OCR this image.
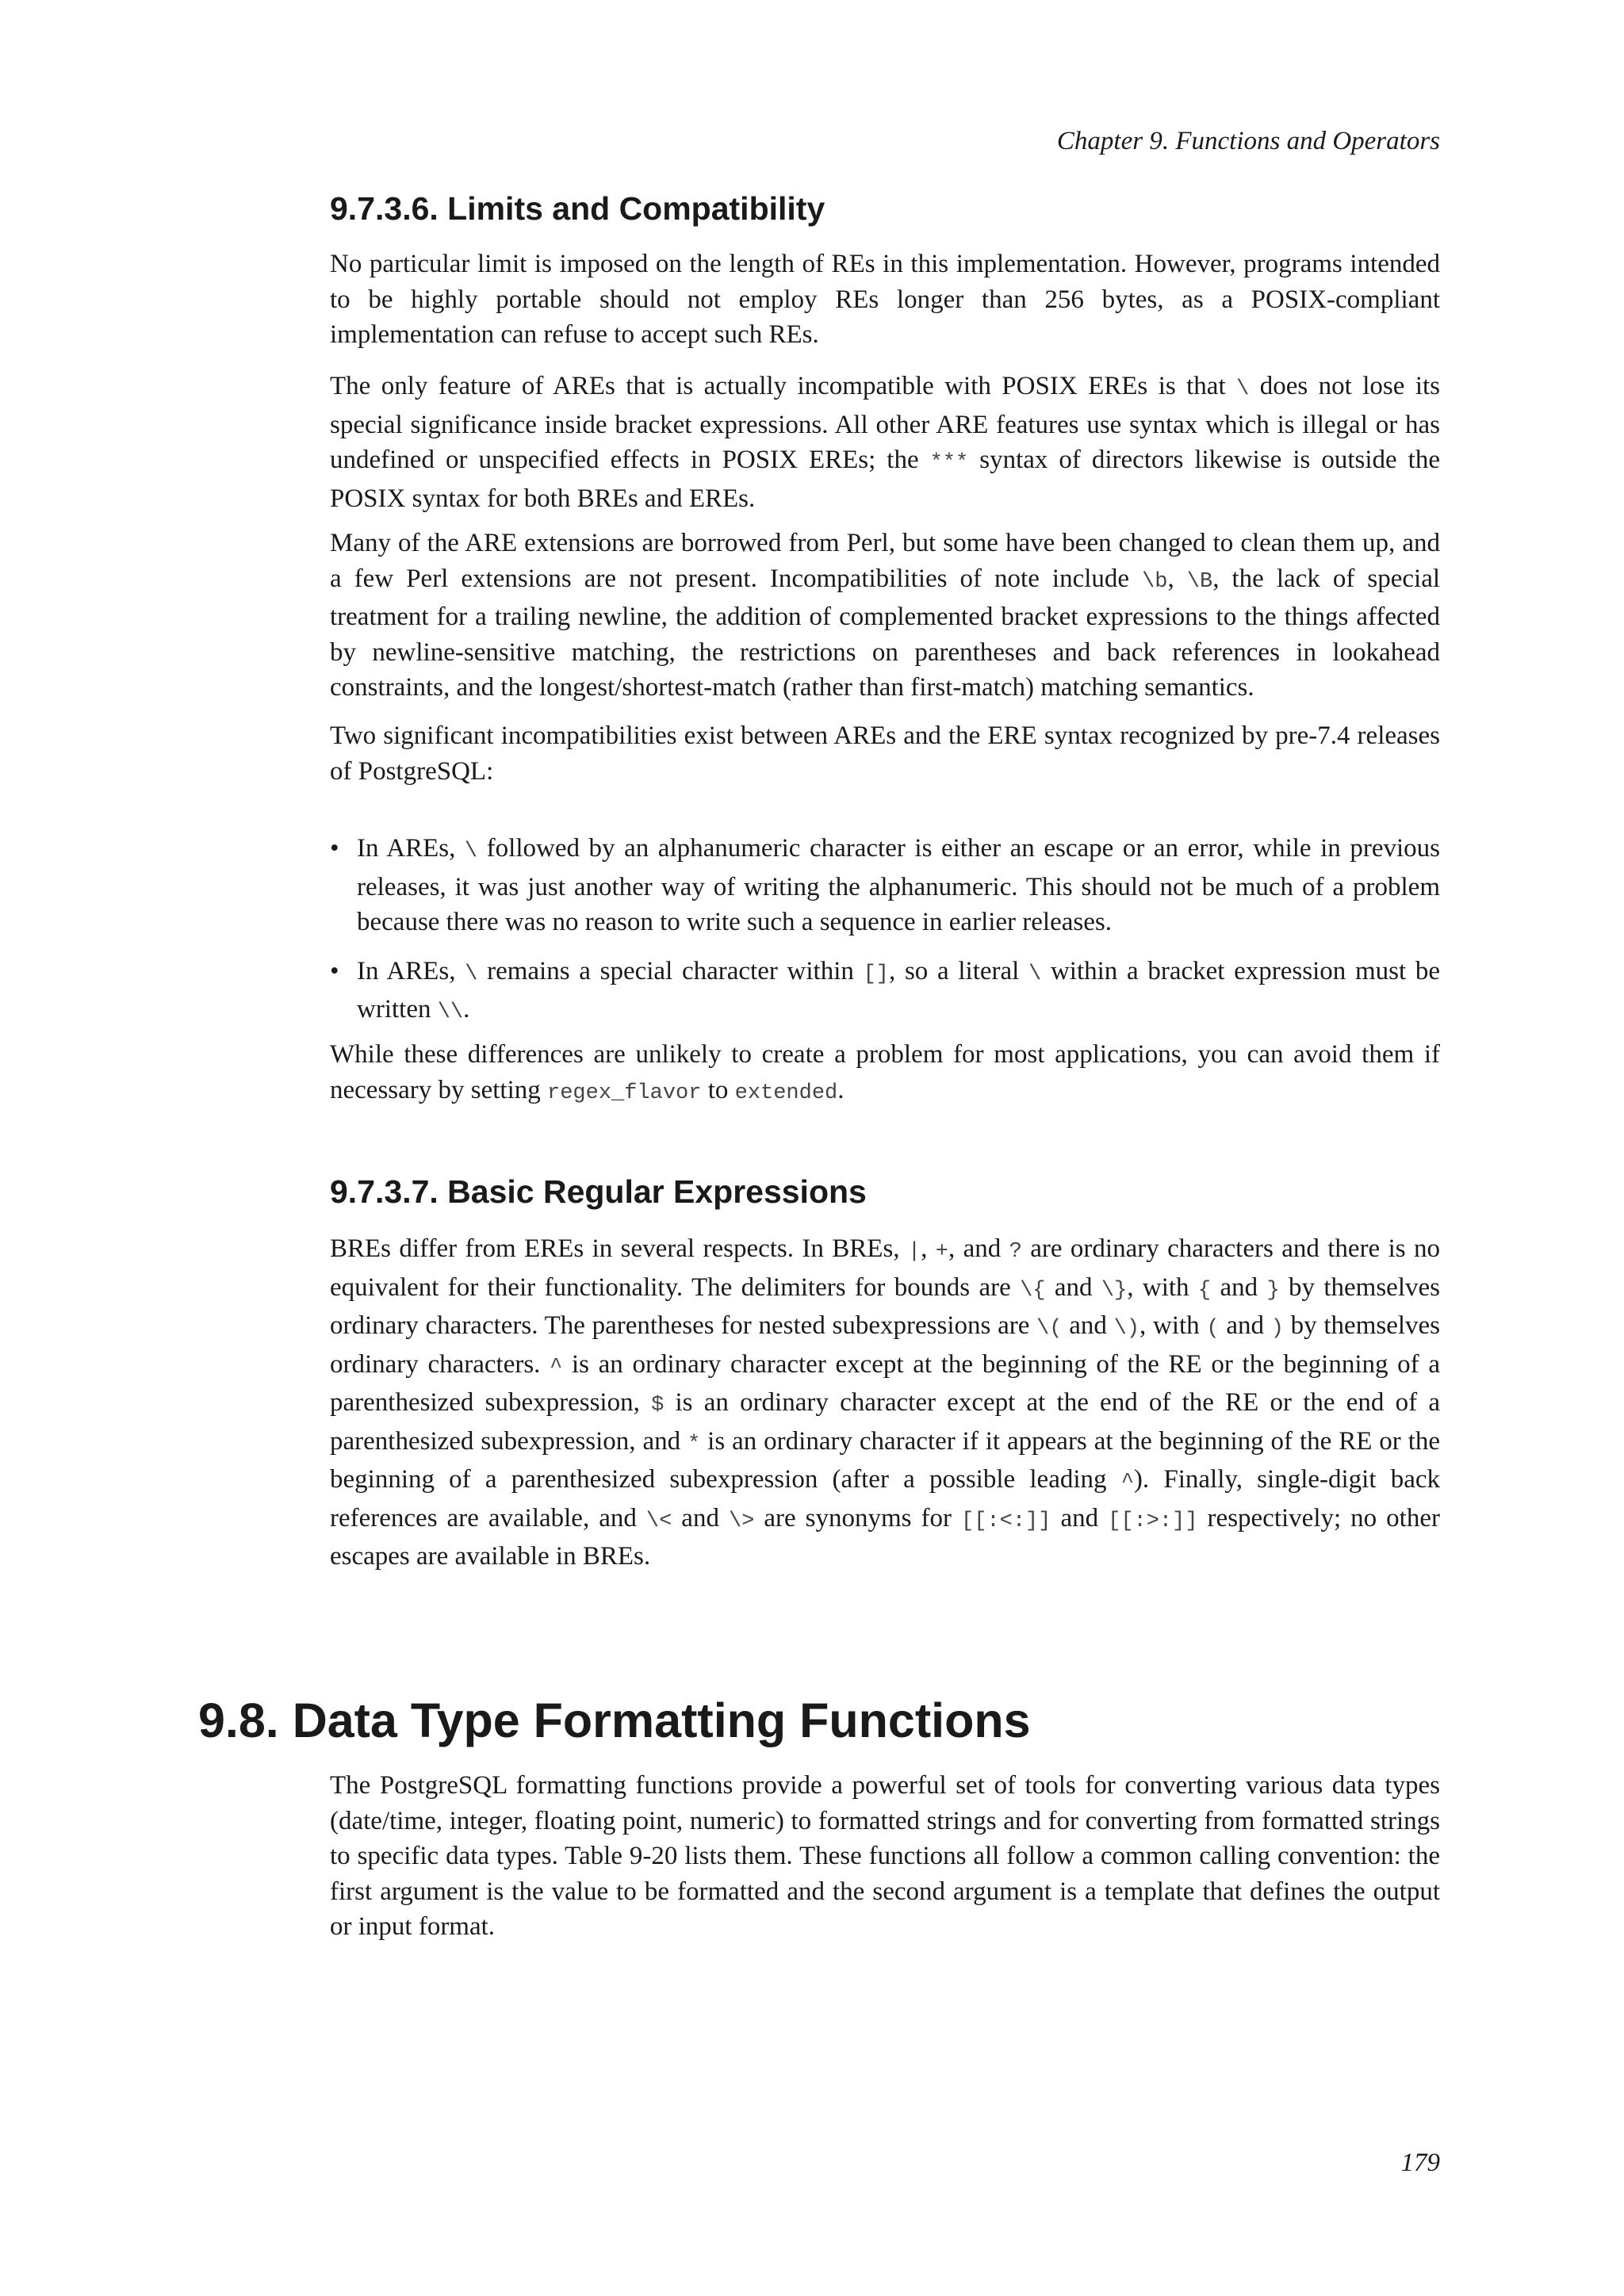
Chapter 9. Functions and Operators
9.7.3.6. Limits and Compatibility

No particular limit is imposed on the length of REs in this implementation. However, programs intended to be highly portable should not employ REs longer than 256 bytes, as a POSIX-compliant implementation can refuse to accept such REs.

The only feature of AREs that is actually incompatible with POSIX EREs is that \ does not lose its special significance inside bracket expressions. All other ARE features use syntax which is illegal or has undefined or unspecified effects in POSIX EREs; the *** syntax of directors likewise is outside the POSIX syntax for both BREs and EREs.

Many of the ARE extensions are borrowed from Perl, but some have been changed to clean them up, and a few Perl extensions are not present. Incompatibilities of note include \b, \B, the lack of special treatment for a trailing newline, the addition of complemented bracket expressions to the things affected by newline-sensitive matching, the restrictions on parentheses and back references in lookahead constraints, and the longest/shortest-match (rather than first-match) matching semantics.

Two significant incompatibilities exist between AREs and the ERE syntax recognized by pre-7.4 releases of PostgreSQL:

• In AREs, \ followed by an alphanumeric character is either an escape or an error, while in previous releases, it was just another way of writing the alphanumeric. This should not be much of a problem because there was no reason to write such a sequence in earlier releases.
• In AREs, \ remains a special character within [], so a literal \ within a bracket expression must be written \\.

While these differences are unlikely to create a problem for most applications, you can avoid them if necessary by setting regex_flavor to extended.

9.7.3.7. Basic Regular Expressions

BREs differ from EREs in several respects. In BREs, |, +, and ? are ordinary characters and there is no equivalent for their functionality. The delimiters for bounds are \{ and \}, with { and } by themselves ordinary characters. The parentheses for nested subexpressions are \( and \), with ( and ) by themselves ordinary characters. ^ is an ordinary character except at the beginning of the RE or the beginning of a parenthesized subexpression, $ is an ordinary character except at the end of the RE or the end of a parenthesized subexpression, and * is an ordinary character if it appears at the beginning of the RE or the beginning of a parenthesized subexpression (after a possible leading ^). Finally, single-digit back references are available, and \< and \> are synonyms for [[:<:]] and [[:>:]] respectively; no other escapes are available in BREs.

The PostgreSQL formatting functions provide a powerful set of tools for converting various data types (date/time, integer, floating point, numeric) to formatted strings and for converting from formatted strings to specific data types. Table 9-20 lists them. These functions all follow a common calling convention: the first argument is the value to be formatted and the second argument is a template that defines the output or input format.

9.8. Data Type Formatting Functions
179
